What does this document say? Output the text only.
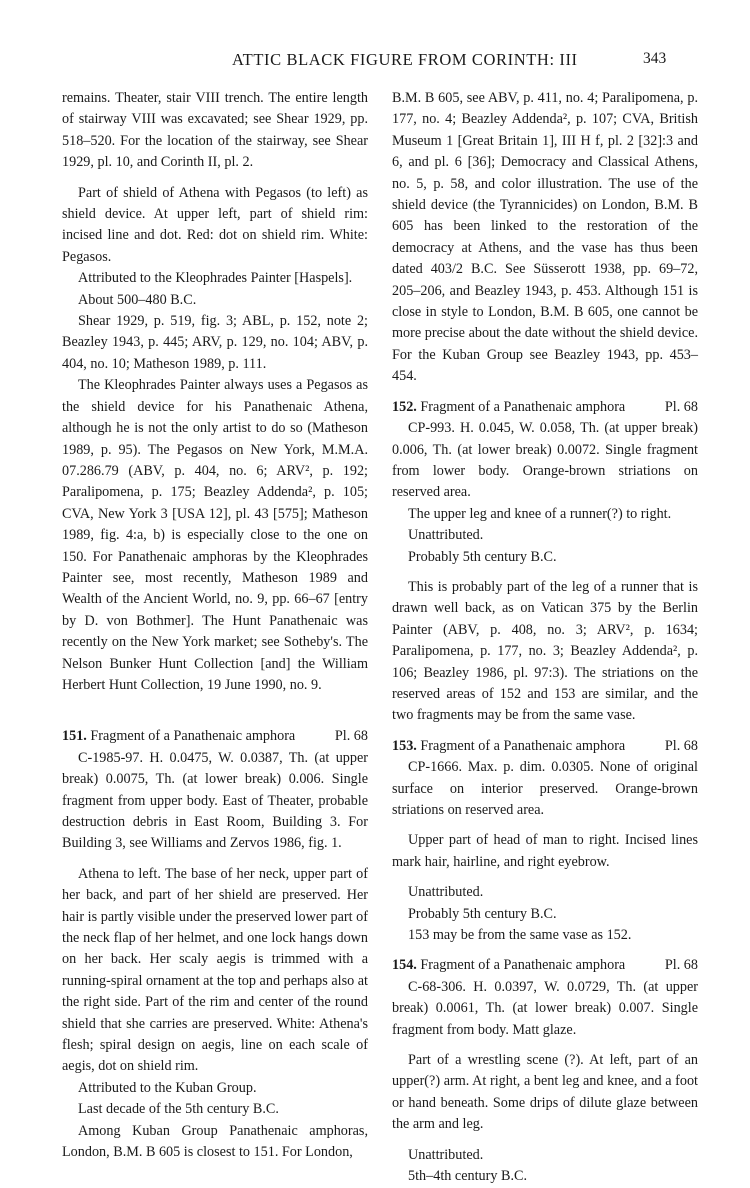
ATTIC BLACK FIGURE FROM CORINTH: III	343

remains. Theater, stair VIII trench. The entire length of stairway VIII was excavated; see Shear 1929, pp. 518–520. For the location of the stairway, see Shear 1929, pl. 10, and Corinth II, pl. 2.

Part of shield of Athena with Pegasos (to left) as shield device. At upper left, part of shield rim: incised line and dot. Red: dot on shield rim. White: Pegasos.

Attributed to the Kleophrades Painter [Haspels].

About 500–480 B.C.

Shear 1929, p. 519, fig. 3; ABL, p. 152, note 2; Beazley 1943, p. 445; ARV, p. 129, no. 104; ABV, p. 404, no. 10; Matheson 1989, p. 111.

The Kleophrades Painter always uses a Pegasos as the shield device for his Panathenaic Athena, although he is not the only artist to do so (Matheson 1989, p. 95). The Pegasos on New York, M.M.A. 07.286.79 (ABV, p. 404, no. 6; ARV², p. 192; Paralipomena, p. 175; Beazley Addenda², p. 105; CVA, New York 3 [USA 12], pl. 43 [575]; Matheson 1989, fig. 4:a, b) is especially close to the one on 150. For Panathenaic amphoras by the Kleophrades Painter see, most recently, Matheson 1989 and Wealth of the Ancient World, no. 9, pp. 66–67 [entry by D. von Bothmer]. The Hunt Panathenaic was recently on the New York market; see Sotheby's. The Nelson Bunker Hunt Collection [and] the William Herbert Hunt Collection, 19 June 1990, no. 9.

151. Fragment of a Panathenaic amphora	Pl. 68

C-1985-97. H. 0.0475, W. 0.0387, Th. (at upper break) 0.0075, Th. (at lower break) 0.006. Single fragment from upper body. East of Theater, probable destruction debris in East Room, Building 3. For Building 3, see Williams and Zervos 1986, fig. 1.

Athena to left. The base of her neck, upper part of her back, and part of her shield are preserved. Her hair is partly visible under the preserved lower part of the neck flap of her helmet, and one lock hangs down on her back. Her scaly aegis is trimmed with a running-spiral ornament at the top and perhaps also at the right side. Part of the rim and center of the round shield that she carries are preserved. White: Athena's flesh; spiral design on aegis, line on each scale of aegis, dot on shield rim.

Attributed to the Kuban Group.

Last decade of the 5th century B.C.

Among Kuban Group Panathenaic amphoras, London, B.M. B 605 is closest to 151. For London,

B.M. B 605, see ABV, p. 411, no. 4; Paralipomena, p. 177, no. 4; Beazley Addenda², p. 107; CVA, British Museum 1 [Great Britain 1], III H f, pl. 2 [32]:3 and 6, and pl. 6 [36]; Democracy and Classical Athens, no. 5, p. 58, and color illustration. The use of the shield device (the Tyrannicides) on London, B.M. B 605 has been linked to the restoration of the democracy at Athens, and the vase has thus been dated 403/2 B.C. See Süsserott 1938, pp. 69–72, 205–206, and Beazley 1943, p. 453. Although 151 is close in style to London, B.M. B 605, one cannot be more precise about the date without the shield device. For the Kuban Group see Beazley 1943, pp. 453–454.

152. Fragment of a Panathenaic amphora	Pl. 68

CP-993. H. 0.045, W. 0.058, Th. (at upper break) 0.006, Th. (at lower break) 0.0072. Single fragment from lower body. Orange-brown striations on reserved area.

The upper leg and knee of a runner(?) to right.

Unattributed.

Probably 5th century B.C.

This is probably part of the leg of a runner that is drawn well back, as on Vatican 375 by the Berlin Painter (ABV, p. 408, no. 3; ARV², p. 1634; Paralipomena, p. 177, no. 3; Beazley Addenda², p. 106; Beazley 1986, pl. 97:3). The striations on the reserved areas of 152 and 153 are similar, and the two fragments may be from the same vase.

153. Fragment of a Panathenaic amphora	Pl. 68

CP-1666. Max. p. dim. 0.0305. None of original surface on interior preserved. Orange-brown striations on reserved area.

Upper part of head of man to right. Incised lines mark hair, hairline, and right eyebrow.

Unattributed.

Probably 5th century B.C.

153 may be from the same vase as 152.

154. Fragment of a Panathenaic amphora	Pl. 68

C-68-306. H. 0.0397, W. 0.0729, Th. (at upper break) 0.0061, Th. (at lower break) 0.007. Single fragment from body. Matt glaze.

Part of a wrestling scene (?). At left, part of an upper(?) arm. At right, a bent leg and knee, and a foot or hand beneath. Some drips of dilute glaze between the arm and leg.

Unattributed.

5th–4th century B.C.
